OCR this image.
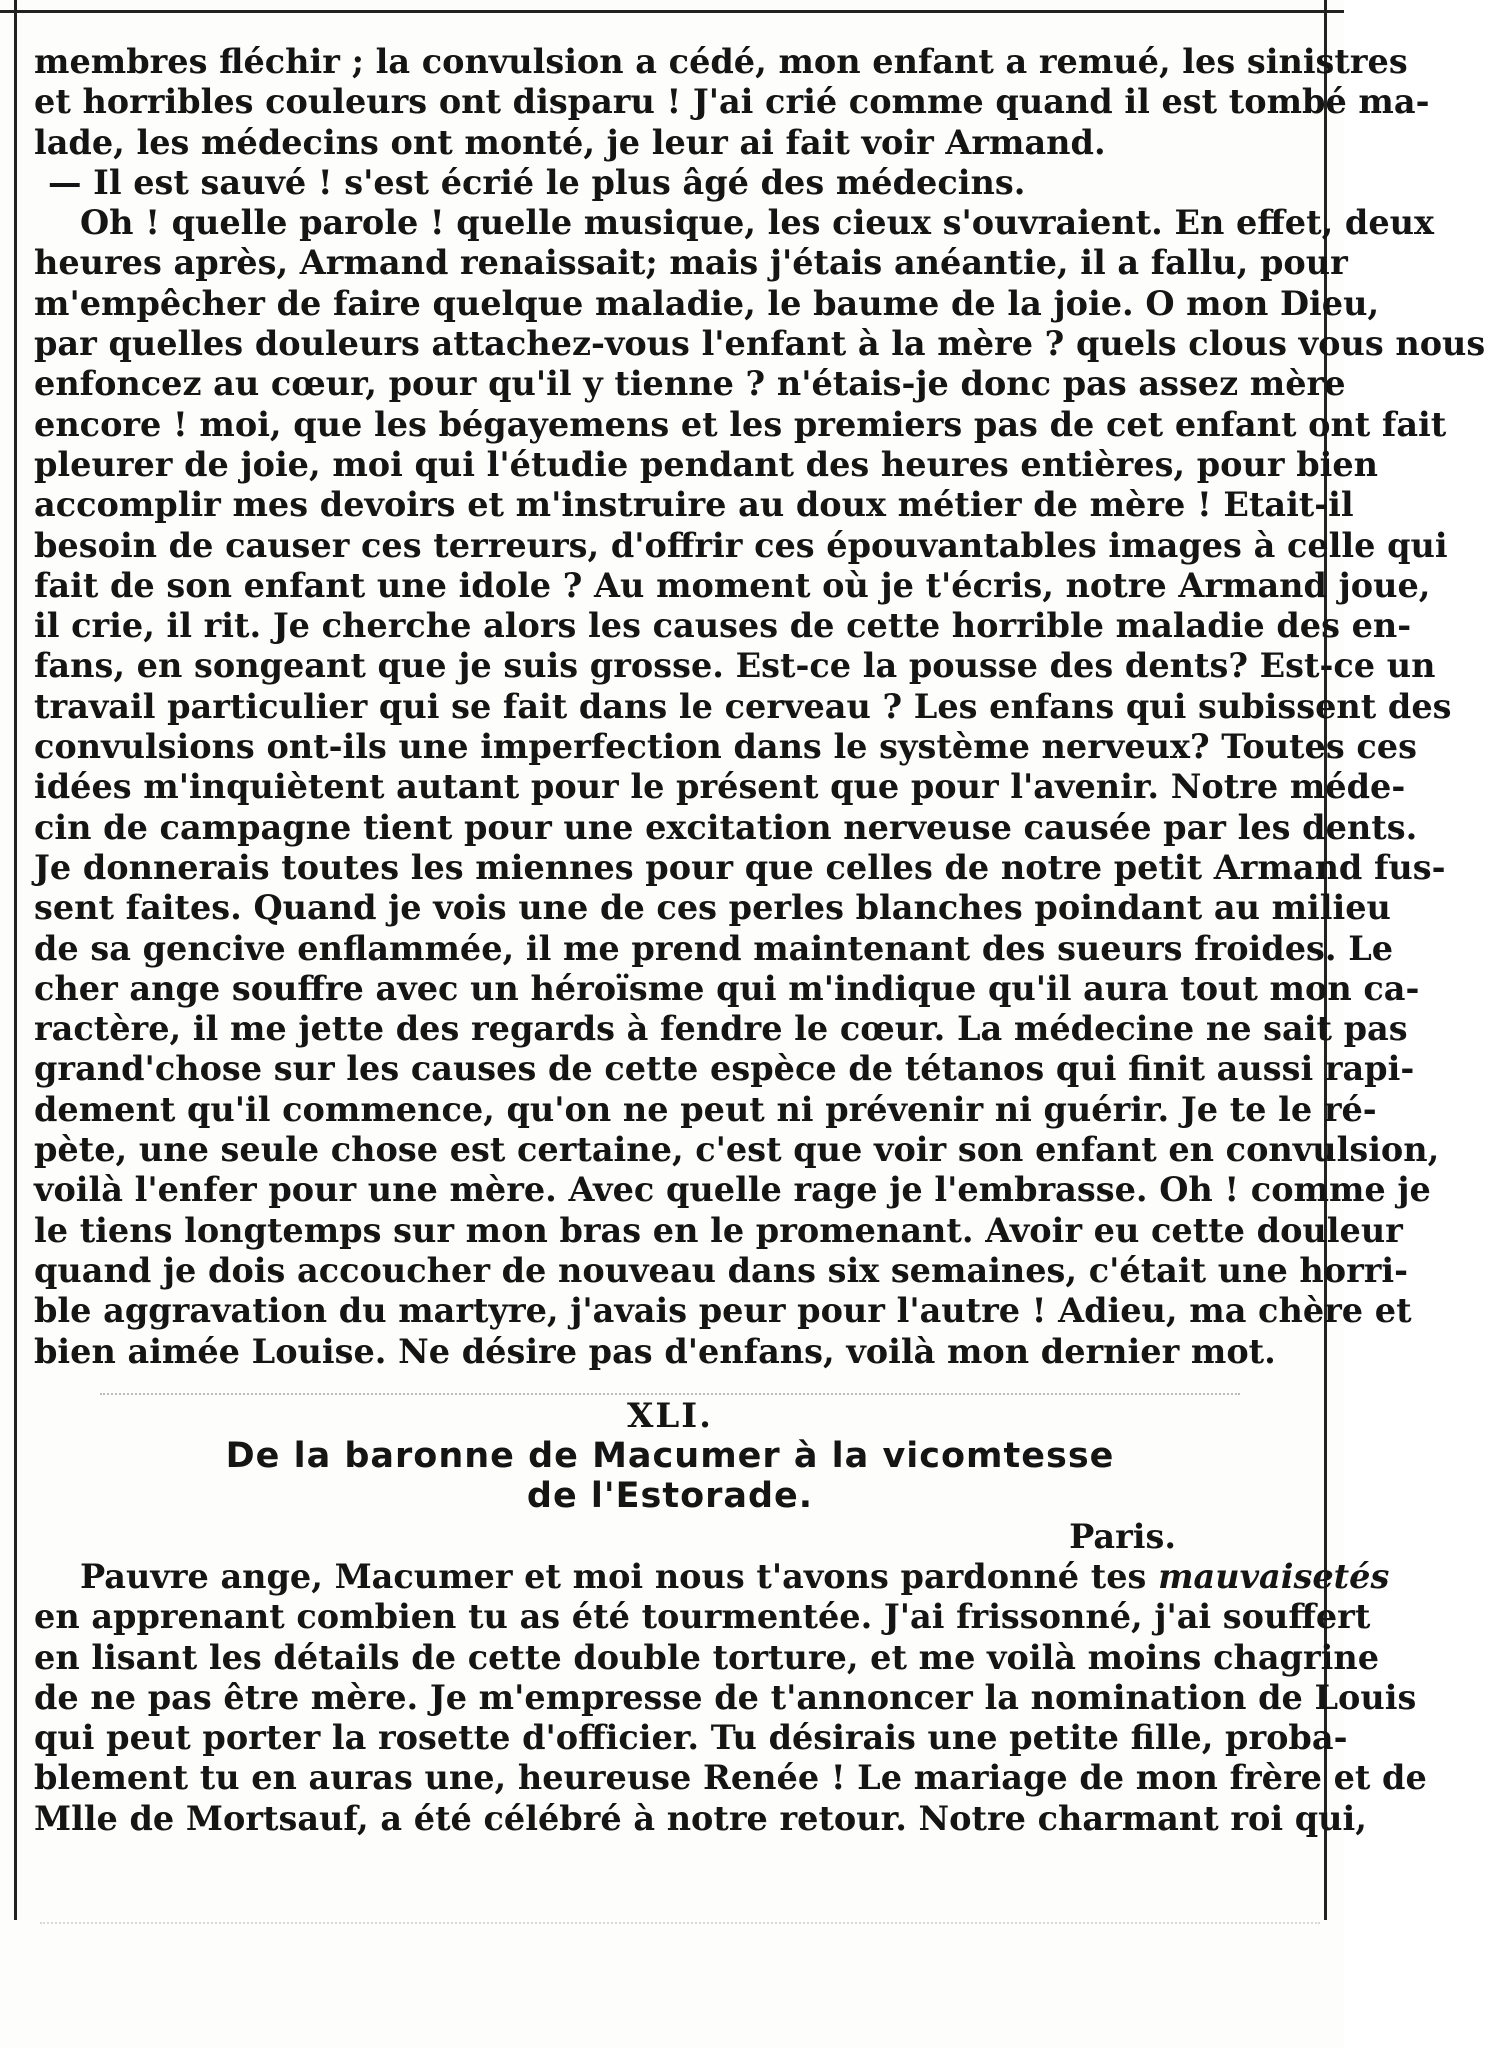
membres fléchir ; la convulsion a cédé, mon enfant a remué, les sinistres
et horribles couleurs ont disparu ! J'ai crié comme quand il est tombé ma-
lade, les médecins ont monté, je leur ai fait voir Armand.
— Il est sauvé ! s'est écrié le plus âgé des médecins.
Oh ! quelle parole ! quelle musique, les cieux s'ouvraient. En effet, deux
heures après, Armand renaissait; mais j'étais anéantie, il a fallu, pour
m'empêcher de faire quelque maladie, le baume de la joie. O mon Dieu,
par quelles douleurs attachez-vous l'enfant à la mère ? quels clous vous nous
enfoncez au cœur, pour qu'il y tienne ? n'étais-je donc pas assez mère
encore ! moi, que les bégayemens et les premiers pas de cet enfant ont fait
pleurer de joie, moi qui l'étudie pendant des heures entières, pour bien
accomplir mes devoirs et m'instruire au doux métier de mère ! Etait-il
besoin de causer ces terreurs, d'offrir ces épouvantables images à celle qui
fait de son enfant une idole ? Au moment où je t'écris, notre Armand joue,
il crie, il rit. Je cherche alors les causes de cette horrible maladie des en-
fans, en songeant que je suis grosse. Est-ce la pousse des dents? Est-ce un
travail particulier qui se fait dans le cerveau ? Les enfans qui subissent des
convulsions ont-ils une imperfection dans le système nerveux? Toutes ces
idées m'inquiètent autant pour le présent que pour l'avenir. Notre méde-
cin de campagne tient pour une excitation nerveuse causée par les dents.
Je donnerais toutes les miennes pour que celles de notre petit Armand fus-
sent faites. Quand je vois une de ces perles blanches poindant au milieu
de sa gencive enflammée, il me prend maintenant des sueurs froides. Le
cher ange souffre avec un héroïsme qui m'indique qu'il aura tout mon ca-
ractère, il me jette des regards à fendre le cœur. La médecine ne sait pas
grand'chose sur les causes de cette espèce de tétanos qui finit aussi rapi-
dement qu'il commence, qu'on ne peut ni prévenir ni guérir. Je te le ré-
pète, une seule chose est certaine, c'est que voir son enfant en convulsion,
voilà l'enfer pour une mère. Avec quelle rage je l'embrasse. Oh ! comme je
le tiens longtemps sur mon bras en le promenant. Avoir eu cette douleur
quand je dois accoucher de nouveau dans six semaines, c'était une horri-
ble aggravation du martyre, j'avais peur pour l'autre ! Adieu, ma chère et
bien aimée Louise. Ne désire pas d'enfans, voilà mon dernier mot.
XLI.
De la baronne de Macumer à la vicomtesse
de l'Estorade.
Paris.
Pauvre ange, Macumer et moi nous t'avons pardonné tes mauvaisetés
en apprenant combien tu as été tourmentée. J'ai frissonné, j'ai souffert
en lisant les détails de cette double torture, et me voilà moins chagrine
de ne pas être mère. Je m'empresse de t'annoncer la nomination de Louis
qui peut porter la rosette d'officier. Tu désirais une petite fille, proba-
blement tu en auras une, heureuse Renée ! Le mariage de mon frère et de
Mlle de Mortsauf, a été célébré à notre retour. Notre charmant roi qui,
